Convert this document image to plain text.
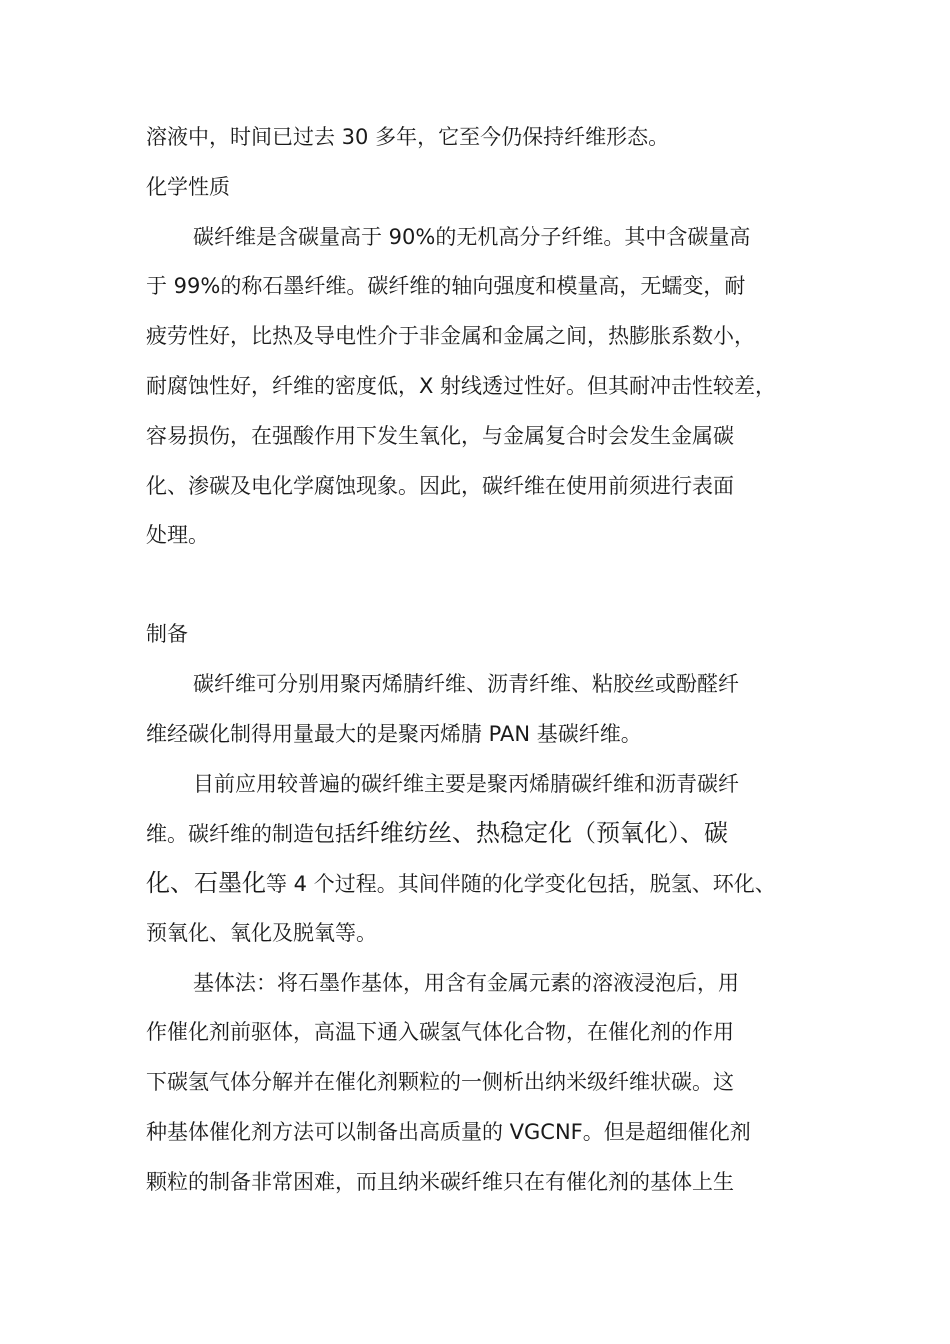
溶液中，时间已过去 30 多年，它至今仍保持纤维形态。
化学性质
碳纤维是含碳量高于 90%的无机高分子纤维。其中含碳量高
于 99%的称石墨纤维。碳纤维的轴向强度和模量高，无蠕变，耐
疲劳性好，比热及导电性介于非金属和金属之间，热膨胀系数小，
耐腐蚀性好，纤维的密度低，X 射线透过性好。但其耐冲击性较差，
容易损伤，在强酸作用下发生氧化，与金属复合时会发生金属碳
化、渗碳及电化学腐蚀现象。因此，碳纤维在使用前须进行表面
处理。
制备
碳纤维可分别用聚丙烯腈纤维、沥青纤维、粘胶丝或酚醛纤
维经碳化制得用量最大的是聚丙烯腈 PAN 基碳纤维。
目前应用较普遍的碳纤维主要是聚丙烯腈碳纤维和沥青碳纤
维。碳纤维的制造包括纤维纺丝、热稳定化（预氧化）、碳
化、石墨化等 4 个过程。其间伴随的化学变化包括，脱氢、环化、
预氧化、氧化及脱氧等。
基体法：将石墨作基体，用含有金属元素的溶液浸泡后，用
作催化剂前驱体，高温下通入碳氢气体化合物，在催化剂的作用
下碳氢气体分解并在催化剂颗粒的一侧析出纳米级纤维状碳。这
种基体催化剂方法可以制备出高质量的 VGCNF。但是超细催化剂
颗粒的制备非常困难，而且纳米碳纤维只在有催化剂的基体上生
